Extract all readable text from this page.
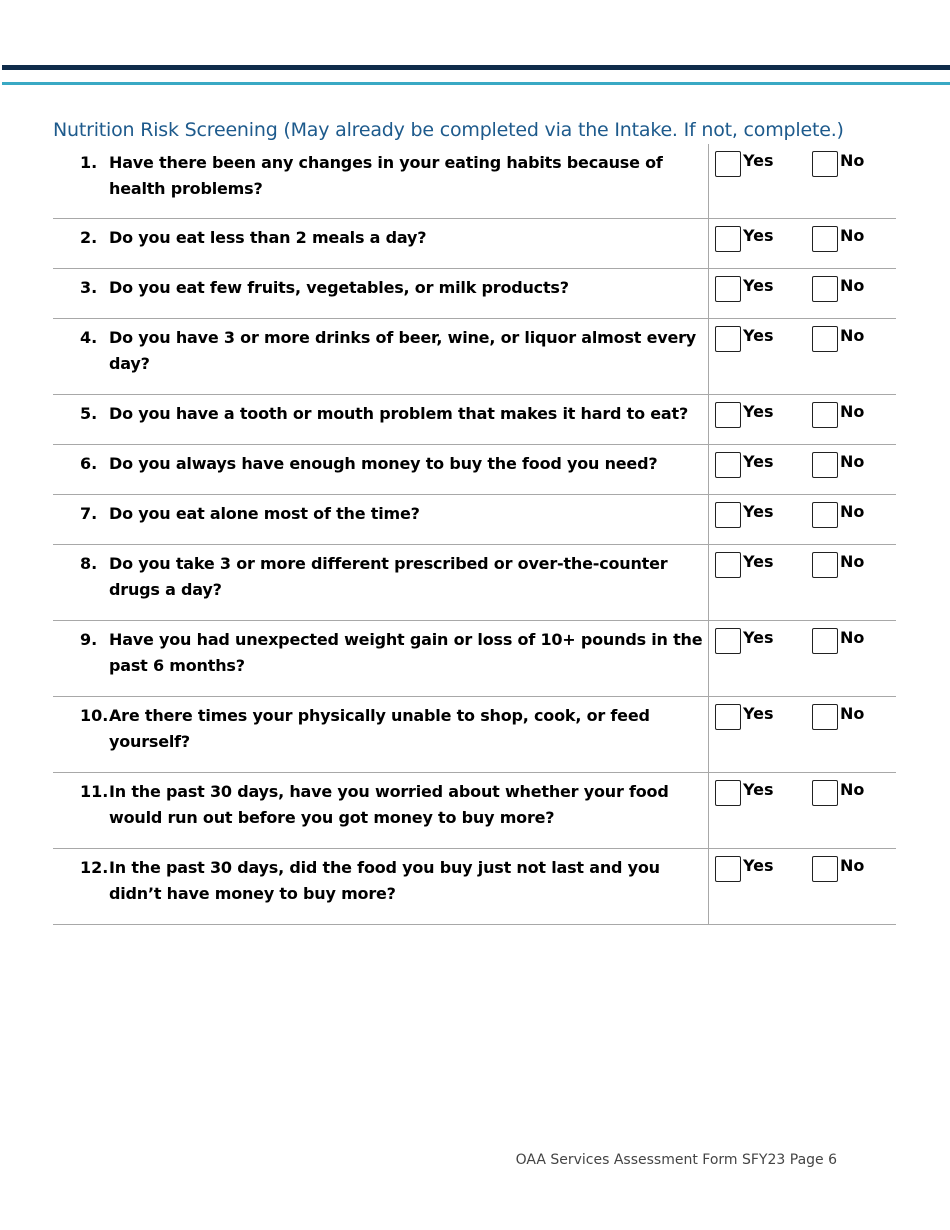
Nutrition Risk Screening (May already be completed via the Intake. If not, complete.)
1. Have there been any changes in your eating habits because of health problems?
Yes	No
2. Do you eat less than 2 meals a day?	Yes	No
3. Do you eat few fruits, vegetables, or milk products?	Yes	No
4. Do you have 3 or more drinks of beer, wine, or liquor almost every day?
Yes	No
5. Do you have a tooth or mouth problem that makes it hard to eat?	Yes	No
6. Do you always have enough money to buy the food you need?	Yes	No
7. Do you eat alone most of the time?	Yes	No
8. Do you take 3 or more different prescribed or over-the-counter drugs a day?
Yes	No
9. Have you had unexpected weight gain or loss of 10+ pounds in the past 6 months?
Yes	No
10. Are there times your physically unable to shop, cook, or feed yourself?
Yes	No
11. In the past 30 days, have you worried about whether your food would run out before you got money to buy more?
Yes	No
12. In the past 30 days, did the food you buy just not last and you didn’t have money to buy more?
Yes	No
OAA Services Assessment Form SFY23 Page 6
